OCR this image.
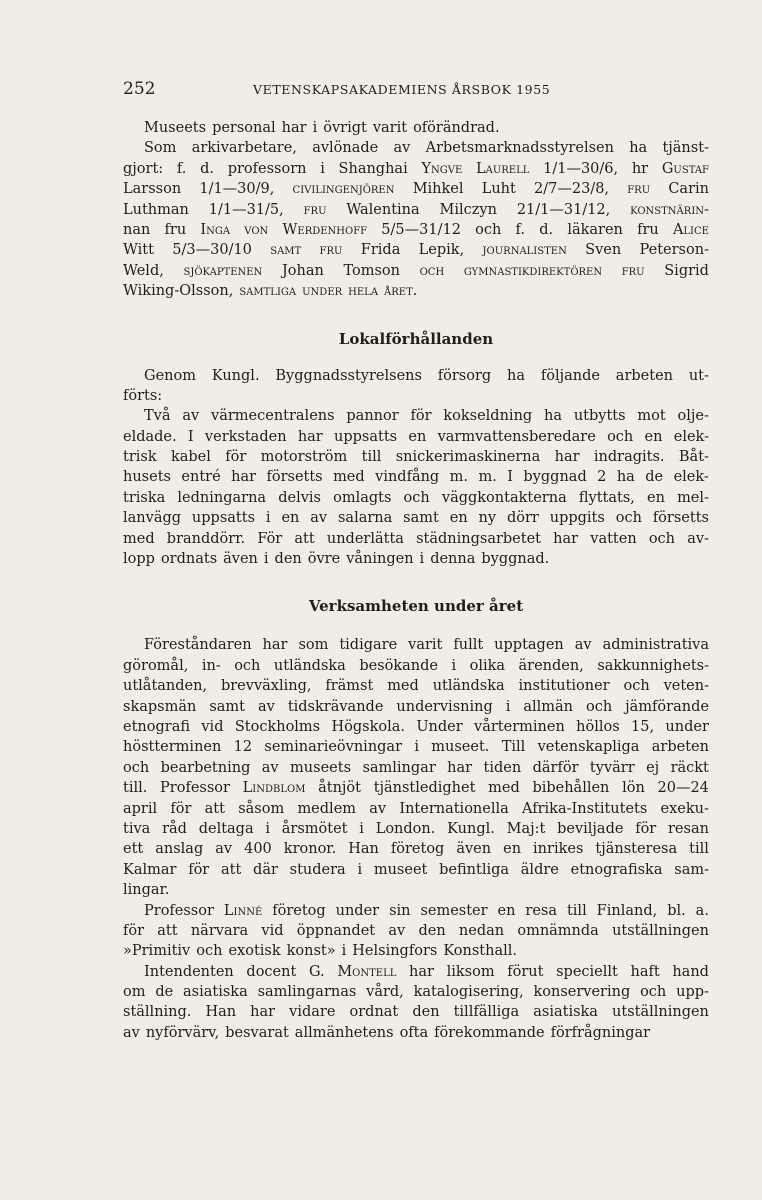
252	VETENSKAPSAKADEMIENS ÅRSBOK 1955
Museets personal har i övrigt varit oförändrad.
Som arkivarbetare, avlönade av Arbetsmarknadsstyrelsen ha tjänst-
gjort: f. d. professorn i Shanghai Yngve Laurell 1/1—30/6, hr Gustaf
Larsson 1/1—30/9, civilingenjören Mihkel Luht 2/7—23/8, fru Carin
Luthman 1/1—31/5, fru Walentina Milczyn 21/1—31/12, konstnärin-
nan fru Inga von Werdenhoff 5/5—31/12 och f. d. läkaren fru Alice
Witt 5/3—30/10 samt fru Frida Lepik, journalisten Sven Peterson-
Weld, sjökaptenen Johan Tomson och gymnastikdirektören fru Sigrid
Wiking-Olsson, samtliga under hela året.
Lokalförhållanden
Genom Kungl. Byggnadsstyrelsens försorg ha följande arbeten ut-
förts:
Två av värmecentralens pannor för kokseldning ha utbytts mot olje-
eldade. I verkstaden har uppsatts en varmvattensberedare och en elek-
trisk kabel för motorström till snickerimaskinerna har indragits. Båt-
husets entré har försetts med vindfång m. m. I byggnad 2 ha de elek-
triska ledningarna delvis omlagts och väggkontakterna flyttats, en mel-
lanvägg uppsatts i en av salarna samt en ny dörr uppgits och försetts
med branddörr. För att underlätta städningsarbetet har vatten och av-
lopp ordnats även i den övre våningen i denna byggnad.
Verksamheten under året
Föreståndaren har som tidigare varit fullt upptagen av administrativa
göromål, in- och utländska besökande i olika ärenden, sakkunnighets-
utlåtanden, brevväxling, främst med utländska institutioner och veten-
skapsmän samt av tidskrävande undervisning i allmän och jämförande
etnografi vid Stockholms Högskola. Under vårterminen höllos 15, under
höstterminen 12 seminarieövningar i museet. Till vetenskapliga arbeten
och bearbetning av museets samlingar har tiden därför tyvärr ej räckt
till. Professor Lindblom åtnjöt tjänstledighet med bibehållen lön 20—24
april för att såsom medlem av Internationella Afrika-Institutets exeku-
tiva råd deltaga i årsmötet i London. Kungl. Maj:t beviljade för resan
ett anslag av 400 kronor. Han företog även en inrikes tjänsteresa till
Kalmar för att där studera i museet befintliga äldre etnografiska sam-
lingar.
Professor Linné företog under sin semester en resa till Finland, bl. a.
för att närvara vid öppnandet av den nedan omnämnda utställningen
»Primitiv och exotisk konst» i Helsingfors Konsthall.
Intendenten docent G. Montell har liksom förut speciellt haft hand
om de asiatiska samlingarnas vård, katalogisering, konservering och upp-
ställning. Han har vidare ordnat den tillfälliga asiatiska utställningen
av nyförvärv, besvarat allmänhetens ofta förekommande förfrågningar
